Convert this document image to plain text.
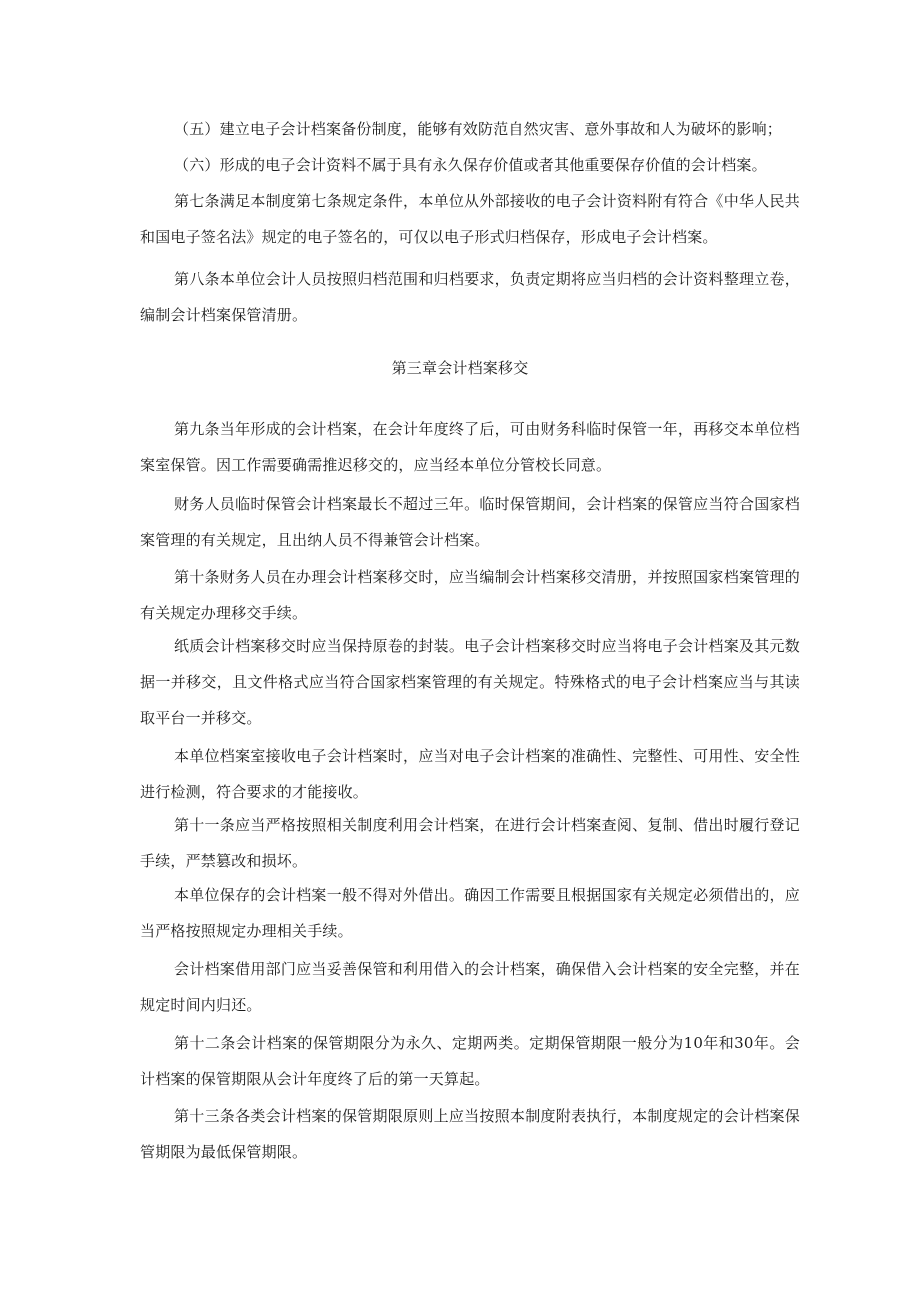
（五）建立电子会计档案备份制度，能够有效防范自然灾害、意外事故和人为破坏的影响；

（六）形成的电子会计资料不属于具有永久保存价值或者其他重要保存价值的会计档案。

第七条满足本制度第七条规定条件，本单位从外部接收的电子会计资料附有符合《中华人民共和国电子签名法》规定的电子签名的，可仅以电子形式归档保存，形成电子会计档案。

第八条本单位会计人员按照归档范围和归档要求，负责定期将应当归档的会计资料整理立卷，编制会计档案保管清册。

第三章会计档案移交

第九条当年形成的会计档案，在会计年度终了后，可由财务科临时保管一年，再移交本单位档案室保管。因工作需要确需推迟移交的，应当经本单位分管校长同意。

财务人员临时保管会计档案最长不超过三年。临时保管期间，会计档案的保管应当符合国家档案管理的有关规定，且出纳人员不得兼管会计档案。

第十条财务人员在办理会计档案移交时，应当编制会计档案移交清册，并按照国家档案管理的有关规定办理移交手续。

纸质会计档案移交时应当保持原卷的封装。电子会计档案移交时应当将电子会计档案及其元数据一并移交，且文件格式应当符合国家档案管理的有关规定。特殊格式的电子会计档案应当与其读取平台一并移交。

本单位档案室接收电子会计档案时，应当对电子会计档案的准确性、完整性、可用性、安全性进行检测，符合要求的才能接收。

第十一条应当严格按照相关制度利用会计档案，在进行会计档案查阅、复制、借出时履行登记手续，严禁篡改和损坏。

本单位保存的会计档案一般不得对外借出。确因工作需要且根据国家有关规定必须借出的，应当严格按照规定办理相关手续。

会计档案借用部门应当妥善保管和利用借入的会计档案，确保借入会计档案的安全完整，并在规定时间内归还。

第十二条会计档案的保管期限分为永久、定期两类。定期保管期限一般分为10年和30年。会计档案的保管期限从会计年度终了后的第一天算起。

第十三条各类会计档案的保管期限原则上应当按照本制度附表执行，本制度规定的会计档案保管期限为最低保管期限。
